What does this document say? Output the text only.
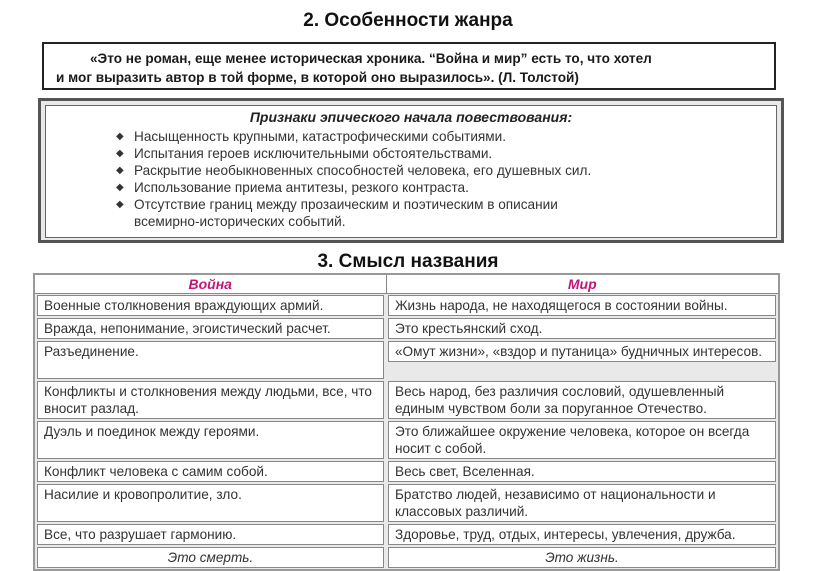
2. Особенности жанра
«Это не роман, еще менее историческая хроника. “Война и мир” есть то, что хотел
и мог выразить автор в той форме, в которой оно выразилось». (Л. Толстой)
Признаки эпического начала повествования:
◆ Насыщенность крупными, катастрофическими событиями.
◆ Испытания героев исключительными обстоятельствами.
◆ Раскрытие необыкновенных способностей человека, его душевных сил.
◆ Использование приема антитезы, резкого контраста.
◆ Отсутствие границ между прозаическим и поэтическим в описании всемирно-исторических событий.
3. Смысл названия
Война	Мир

Военные столкновения враждующих армий.	Жизнь народа, не находящегося в состоянии войны.

Вражда, непонимание, эгоистический расчет.	Это крестьянский сход.

Разъединение.	«Омут жизни», «вздор и путаница» будничных интересов.

Конфликты и столкновения между людьми, все, что вносит разлад.	Весь народ, без различия сословий, одушевленный единым чувством боли за поруганное Отечество.

Дуэль и поединок между героями.	Это ближайшее окружение человека, которое он всегда носит с собой.

Конфликт человека с самим собой.	Весь свет, Вселенная.

Насилие и кровопролитие, зло.	Братство людей, независимо от национальности и классовых различий.

Все, что разрушает гармонию.	Здоровье, труд, отдых, интересы, увлечения, дружба.

Это смерть.	Это жизнь.
